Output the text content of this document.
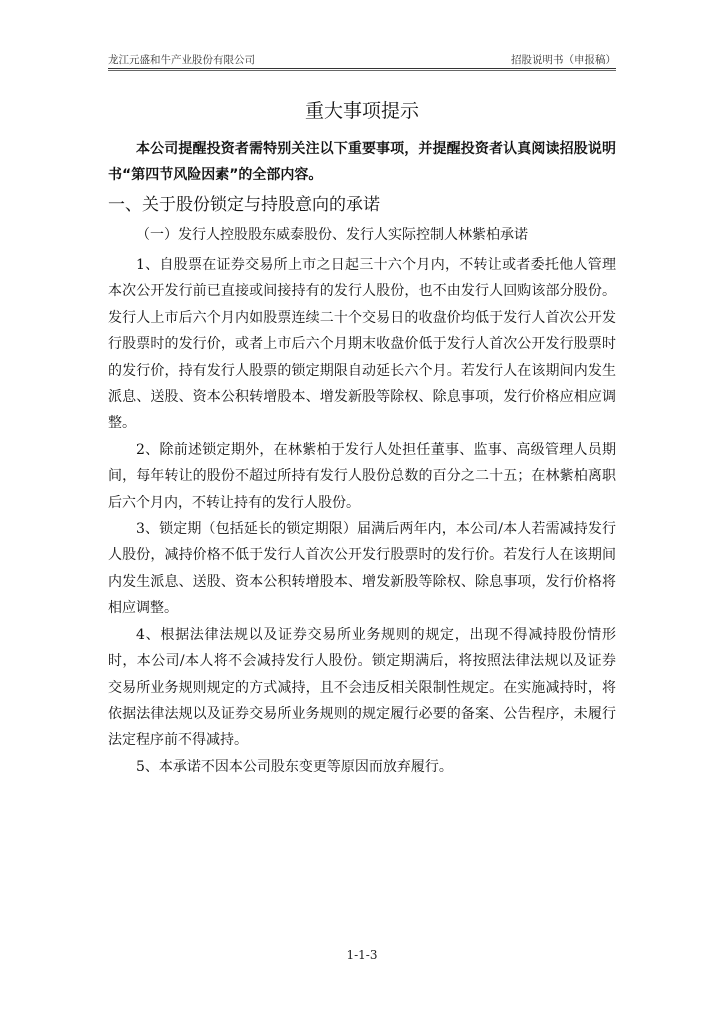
龙江元盛和牛产业股份有限公司	招股说明书（申报稿）
重大事项提示

本公司提醒投资者需特别关注以下重要事项，并提醒投资者认真阅读招股说明书“第四节风险因素”的全部内容。

一、关于股份锁定与持股意向的承诺
（一）发行人控股股东威泰股份、发行人实际控制人林紫柏承诺

1、自股票在证券交易所上市之日起三十六个月内，不转让或者委托他人管理本次公开发行前已直接或间接持有的发行人股份，也不由发行人回购该部分股份。发行人上市后六个月内如股票连续二十个交易日的收盘价均低于发行人首次公开发行股票时的发行价，或者上市后六个月期末收盘价低于发行人首次公开发行股票时的发行价，持有发行人股票的锁定期限自动延长六个月。若发行人在该期间内发生派息、送股、资本公积转增股本、增发新股等除权、除息事项，发行价格应相应调整。

2、除前述锁定期外，在林紫柏于发行人处担任董事、监事、高级管理人员期间，每年转让的股份不超过所持有发行人股份总数的百分之二十五；在林紫柏离职后六个月内，不转让持有的发行人股份。

3、锁定期（包括延长的锁定期限）届满后两年内，本公司/本人若需减持发行人股份，减持价格不低于发行人首次公开发行股票时的发行价。若发行人在该期间内发生派息、送股、资本公积转增股本、增发新股等除权、除息事项，发行价格将相应调整。

4、根据法律法规以及证券交易所业务规则的规定，出现不得减持股份情形时，本公司/本人将不会减持发行人股份。锁定期满后，将按照法律法规以及证券交易所业务规则规定的方式减持，且不会违反相关限制性规定。在实施减持时，将依据法律法规以及证券交易所业务规则的规定履行必要的备案、公告程序，未履行法定程序前不得减持。

5、本承诺不因本公司股东变更等原因而放弃履行。

1-1-3
